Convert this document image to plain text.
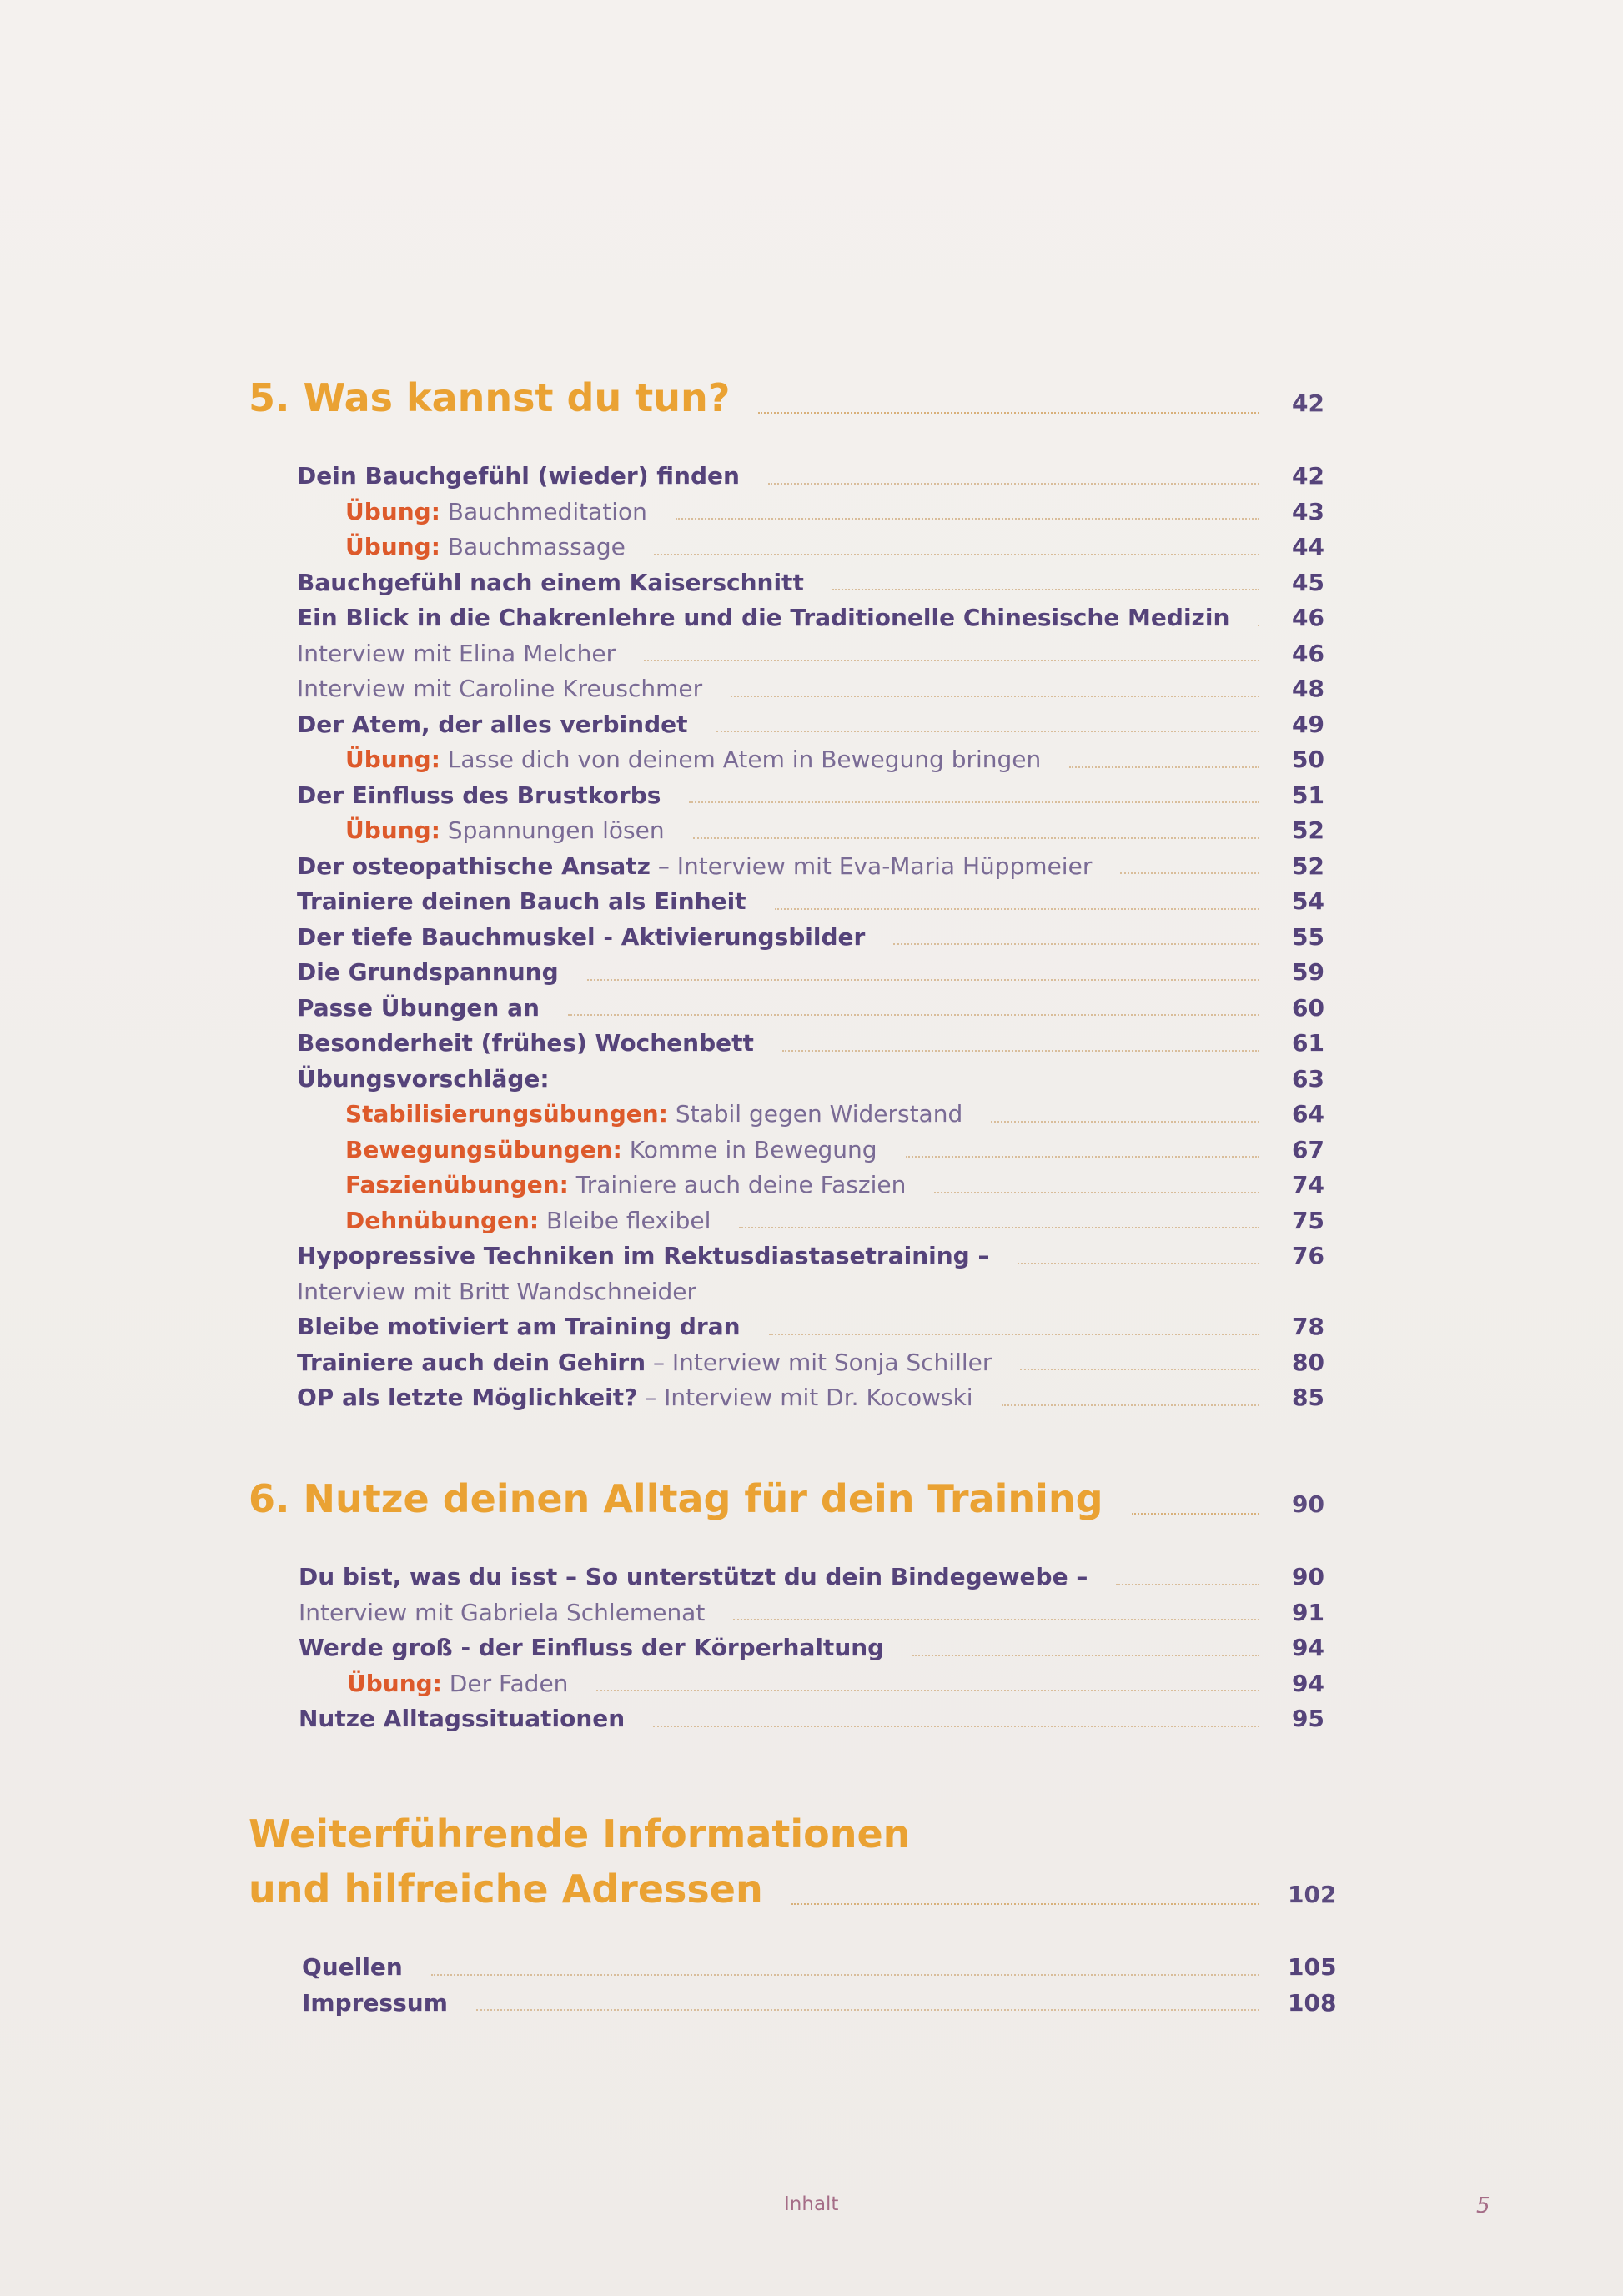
5. Was kannst du tun?	42
Dein Bauchgefühl (wieder) finden	42
Übung: Bauchmeditation	43
Übung: Bauchmassage	44
Bauchgefühl nach einem Kaiserschnitt	45
Ein Blick in die Chakrenlehre und die Traditionelle Chinesische Medizin	46
Interview mit Elina Melcher	46
Interview mit Caroline Kreuschmer	48
Der Atem, der alles verbindet	49
Übung: Lasse dich von deinem Atem in Bewegung bringen	50
Der Einfluss des Brustkorbs	51
Übung: Spannungen lösen	52
Der osteopathische Ansatz – Interview mit Eva-Maria Hüppmeier	52
Trainiere deinen Bauch als Einheit	54
Der tiefe Bauchmuskel - Aktivierungsbilder	55
Die Grundspannung	59
Passe Übungen an	60
Besonderheit (frühes) Wochenbett	61
Übungsvorschläge:	63
Stabilisierungsübungen: Stabil gegen Widerstand	64
Bewegungsübungen: Komme in Bewegung	67
Faszienübungen: Trainiere auch deine Faszien	74
Dehnübungen: Bleibe flexibel	75
Hypopressive Techniken im Rektusdiastasetraining –	76
Interview mit Britt Wandschneider
Bleibe motiviert am Training dran	78
Trainiere auch dein Gehirn – Interview mit Sonja Schiller	80
OP als letzte Möglichkeit? – Interview mit Dr. Kocowski	85
6. Nutze deinen Alltag für dein Training	90
Du bist, was du isst – So unterstützt du dein Bindegewebe –	90
Interview mit Gabriela Schlemenat	91
Werde groß - der Einfluss der Körperhaltung	94
Übung: Der Faden	94
Nutze Alltagssituationen	95
Weiterführende Informationen
und hilfreiche Adressen	102
Quellen	105
Impressum	108
Inhalt	5
